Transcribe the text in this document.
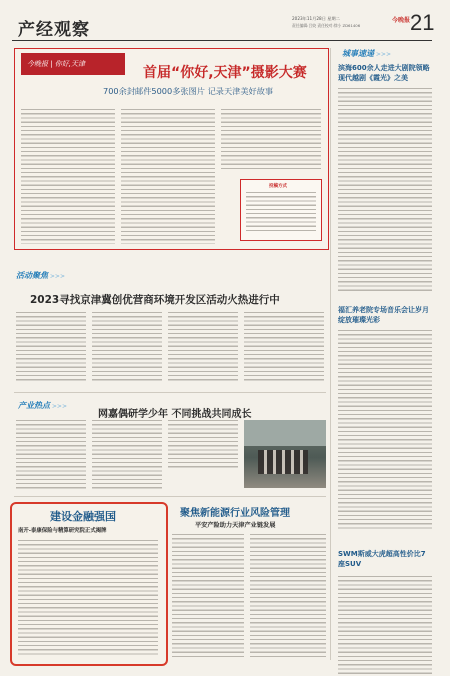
产经观察
2023年11月28日 星期二
责任编辑:吕姣 责任校对:徐小 ZD61406
今晚报 21
今晚报 | 你好,天津
首届“你好,天津”摄影大赛
700余封邮件5000多张图片 记录天津美好故事
投稿方式
城事速递 >>>
滨海600余人走进大剧院领略现代越剧《霞光》之美
福汇养老院专场音乐会让岁月绽放璀璨光彩
SWM斯威大虎超高性价比7座SUV
活动聚焦 >>>
2023寻找京津冀创优营商环境开发区活动火热进行中
产业热点 >>>
网嘉偶研学少年 不同挑战共同成长
建设金融强国
南开-泰康保险与精算研究院正式揭牌
聚焦新能源行业风险管理
平安产险助力天津产业链发展
